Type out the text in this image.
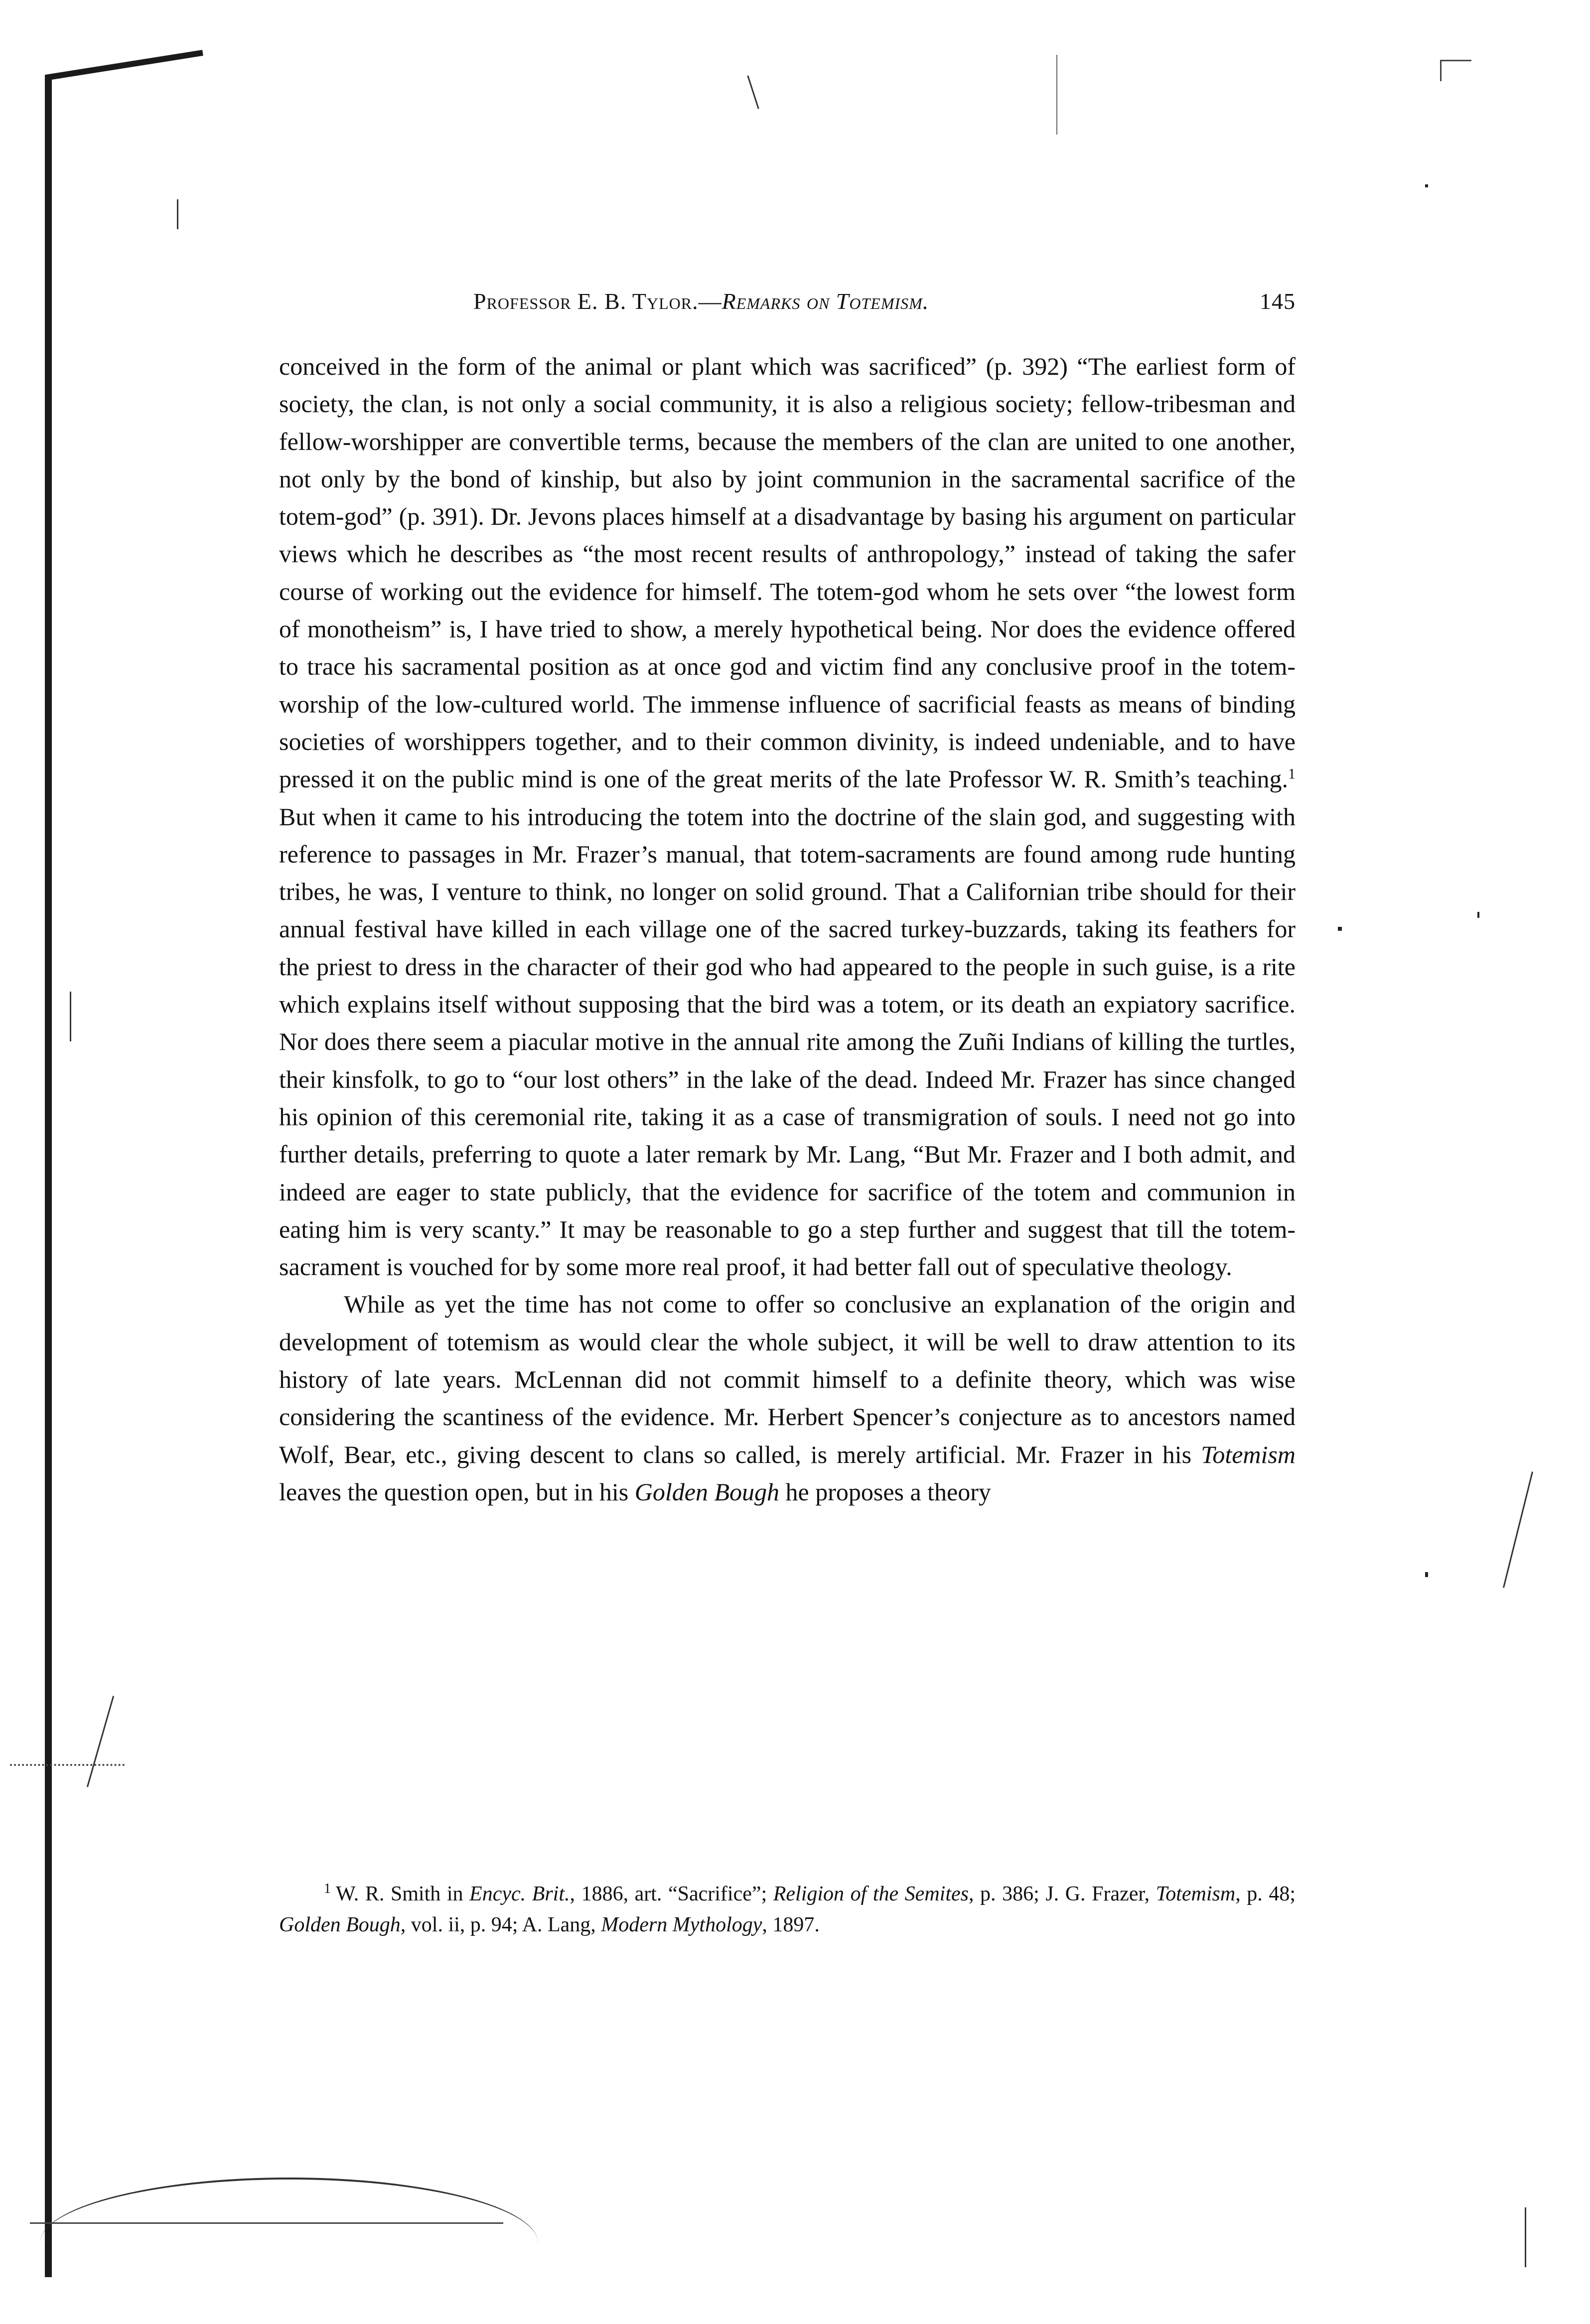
Professor E. B. Tylor.—Remarks on Totemism.	145

conceived in the form of the animal or plant which was sacrificed” (p. 392) “The earliest form of society, the clan, is not only a social community, it is also a religious society; fellow-tribesman and fellow-worshipper are convertible terms, because the members of the clan are united to one another, not only by the bond of kinship, but also by joint communion in the sacramental sacrifice of the totem-god” (p. 391). Dr. Jevons places himself at a disadvantage by basing his argument on particular views which he describes as “the most recent results of anthropology,” instead of taking the safer course of working out the evidence for himself. The totem-god whom he sets over “the lowest form of monotheism” is, I have tried to show, a merely hypothetical being. Nor does the evidence offered to trace his sacramental position as at once god and victim find any conclusive proof in the totem-worship of the low-cultured world. The immense influence of sacrificial feasts as means of binding societies of worshippers together, and to their common divinity, is indeed undeniable, and to have pressed it on the public mind is one of the great merits of the late Professor W. R. Smith’s teaching.$^1$ But when it came to his introducing the totem into the doctrine of the slain god, and suggesting with reference to passages in Mr. Frazer’s manual, that totem-sacraments are found among rude hunting tribes, he was, I venture to think, no longer on solid ground. That a Californian tribe should for their annual festival have killed in each village one of the sacred turkey-buzzards, taking its feathers for the priest to dress in the character of their god who had appeared to the people in such guise, is a rite which explains itself without supposing that the bird was a totem, or its death an expiatory sacrifice. Nor does there seem a piacular motive in the annual rite among the Zuñi Indians of killing the turtles, their kinsfolk, to go to “our lost others” in the lake of the dead. Indeed Mr. Frazer has since changed his opinion of this ceremonial rite, taking it as a case of transmigration of souls. I need not go into further details, preferring to quote a later remark by Mr. Lang, “But Mr. Frazer and I both admit, and indeed are eager to state publicly, that the evidence for sacrifice of the totem and communion in eating him is very scanty.” It may be reasonable to go a step further and suggest that till the totem-sacrament is vouched for by some more real proof, it had better fall out of speculative theology.

While as yet the time has not come to offer so conclusive an explanation of the origin and development of totemism as would clear the whole subject, it will be well to draw attention to its history of late years. McLennan did not commit himself to a definite theory, which was wise considering the scantiness of the evidence. Mr. Herbert Spencer’s conjecture as to ancestors named Wolf, Bear, etc., giving descent to clans so called, is merely artificial. Mr. Frazer in his Totemism leaves the question open, but in his Golden Bough he proposes a theory

$^1$ W. R. Smith in Encyc. Brit., 1886, art. “Sacrifice”; Religion of the Semites, p. 386; J. G. Frazer, Totemism, p. 48; Golden Bough, vol. ii, p. 94; A. Lang, Modern Mythology, 1897.
